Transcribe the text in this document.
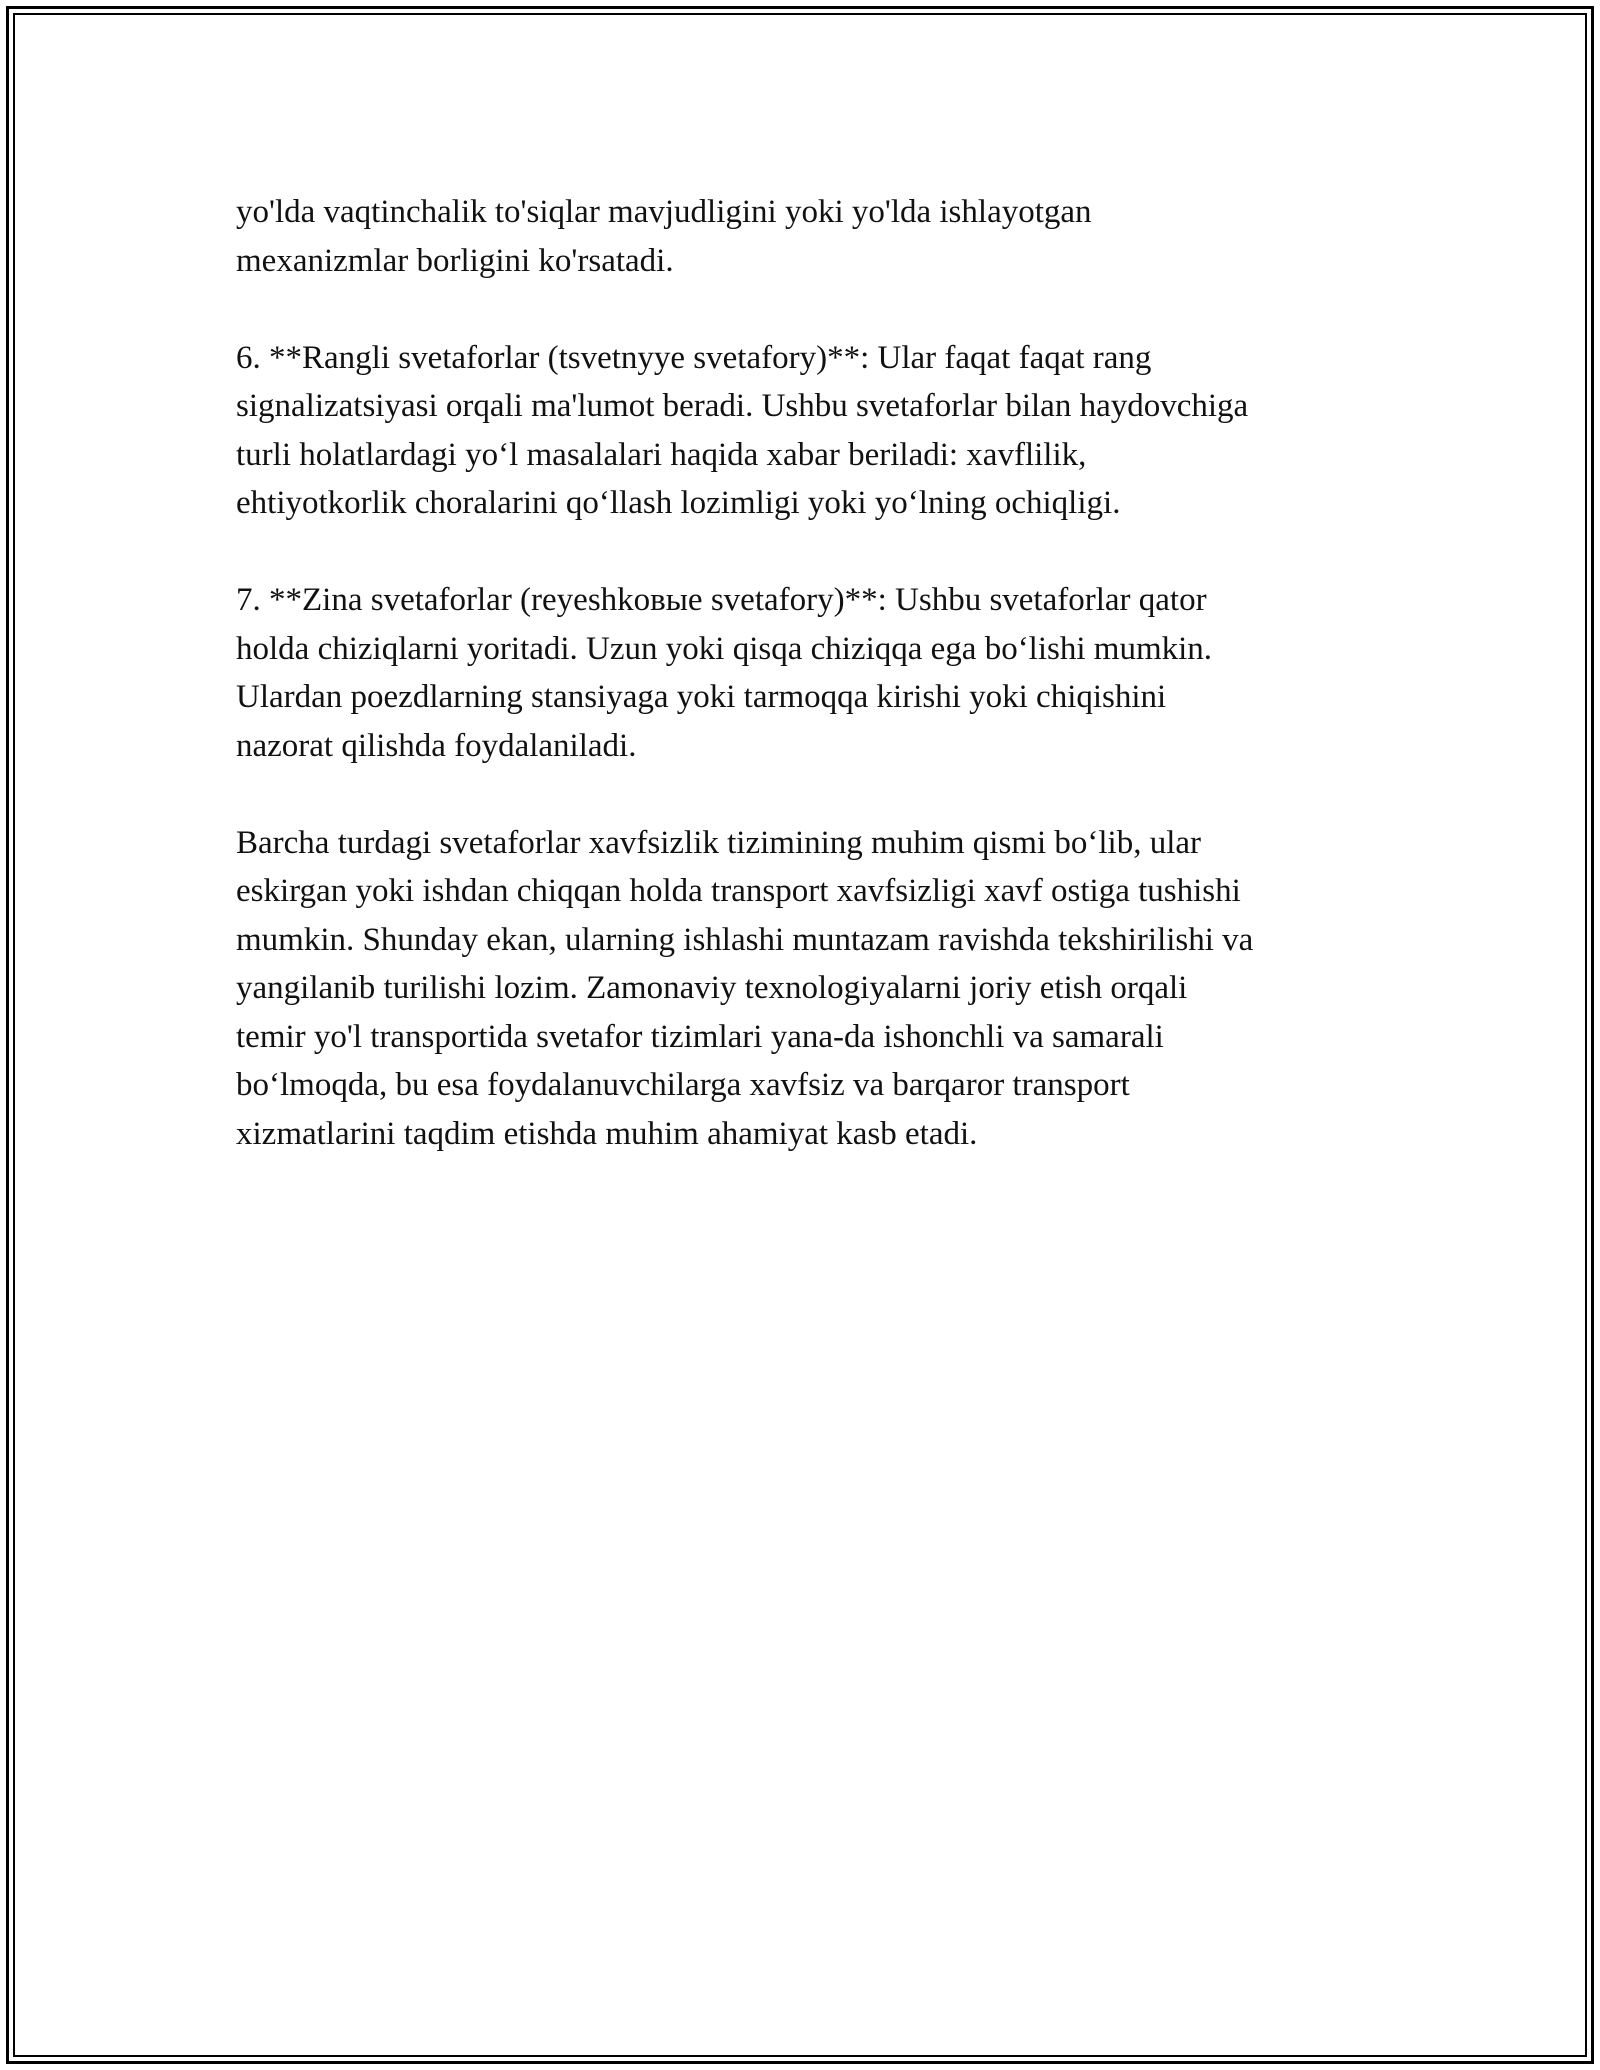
yo'lda vaqtinchalik to'siqlar mavjudligini yoki yo'lda ishlayotgan
mexanizmlar borligini ko'rsatadi.

6. **Rangli svetaforlar (tsvetnyye svetafory)**: Ular faqat faqat rang
signalizatsiyasi orqali ma'lumot beradi. Ushbu svetaforlar bilan haydovchiga
turli holatlardagi yo‘l masalalari haqida xabar beriladi: xavflilik,
ehtiyotkorlik choralarini qo‘llash lozimligi yoki yo‘lning ochiqligi.

7. **Zina svetaforlar (reyeshkoвые svetafory)**: Ushbu svetaforlar qator
holda chiziqlarni yoritadi. Uzun yoki qisqa chiziqqa ega bo‘lishi mumkin.
Ulardan poezdlarning stansiyaga yoki tarmoqqa kirishi yoki chiqishini
nazorat qilishda foydalaniladi.

Barcha turdagi svetaforlar xavfsizlik tizimining muhim qismi bo‘lib, ular
eskirgan yoki ishdan chiqqan holda transport xavfsizligi xavf ostiga tushishi
mumkin. Shunday ekan, ularning ishlashi muntazam ravishda tekshirilishi va
yangilanib turilishi lozim. Zamonaviy texnologiyalarni joriy etish orqali
temir yo'l transportida svetafor tizimlari yana-da ishonchli va samarali
bo‘lmoqda, bu esa foydalanuvchilarga xavfsiz va barqaror transport
xizmatlarini taqdim etishda muhim ahamiyat kasb etadi.
